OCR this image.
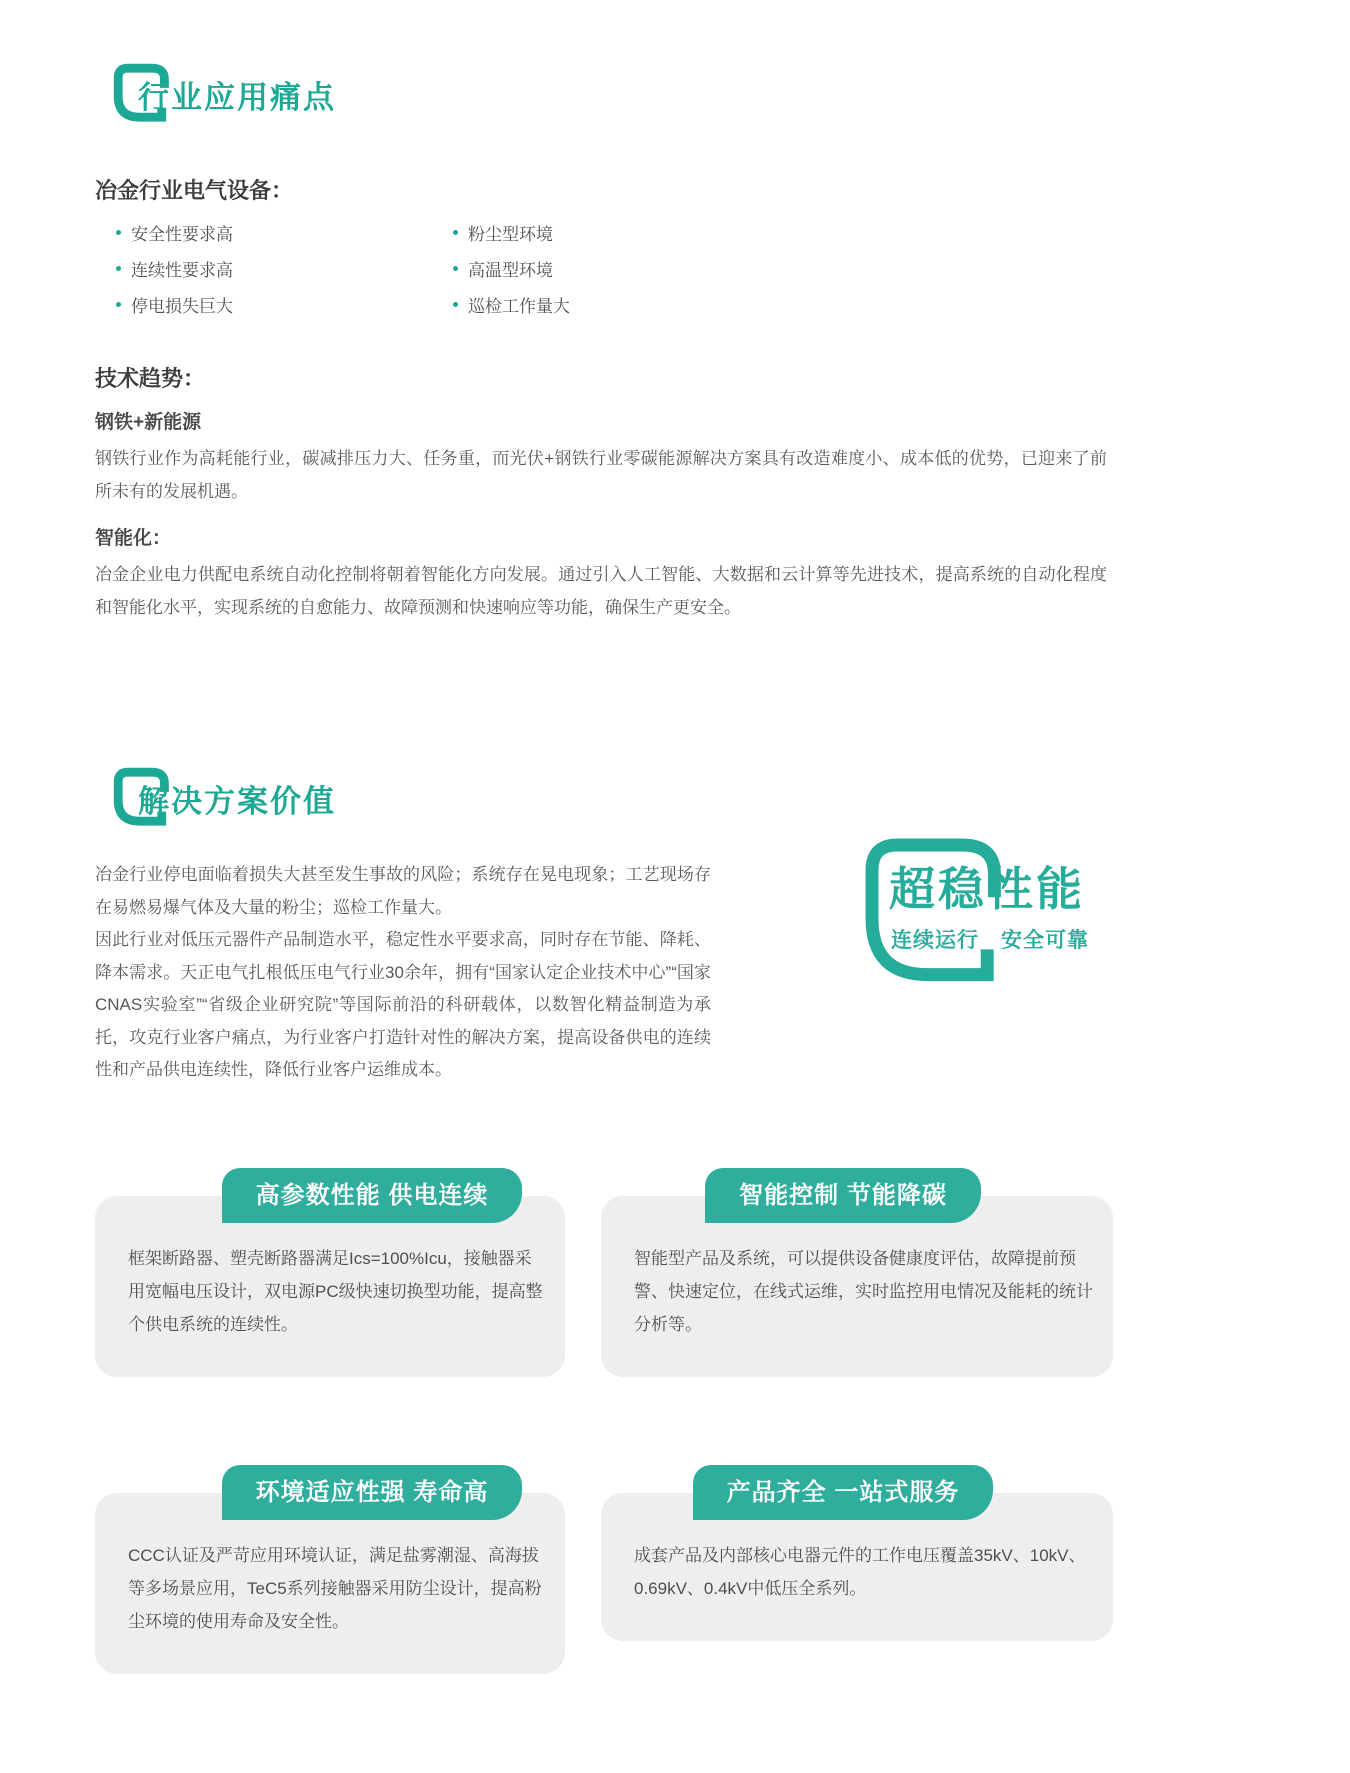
行业应用痛点
冶金行业电气设备：
安全性要求高
连续性要求高
停电损失巨大
粉尘型环境
高温型环境
巡检工作量大
技术趋势：
钢铁+新能源

钢铁行业作为高耗能行业，碳减排压力大、任务重，而光伏+钢铁行业零碳能源解决方案具有改造难度小、成本低的优势，已迎来了前所未有的发展机遇。

智能化：

冶金企业电力供配电系统自动化控制将朝着智能化方向发展。通过引入人工智能、大数据和云计算等先进技术，提高系统的自动化程度和智能化水平，实现系统的自愈能力、故障预测和快速响应等功能，确保生产更安全。

解决方案价值

冶金行业停电面临着损失大甚至发生事故的风险；系统存在晃电现象；工艺现场存在易燃易爆气体及大量的粉尘；巡检工作量大。

因此行业对低压元器件产品制造水平，稳定性水平要求高，同时存在节能、降耗、降本需求。天正电气扎根低压电气行业30余年，拥有“国家认定企业技术中心”“国家CNAS实验室”“省级企业研究院”等国际前沿的科研载体，以数智化精益制造为承托，攻克行业客户痛点，为行业客户打造针对性的解决方案，提高设备供电的连续性和产品供电连续性，降低行业客户运维成本。

超稳性能

连续运行　安全可靠

高参数性能 供电连续
框架断路器、塑壳断路器满足Ics=100%Icu，接触器采用宽幅电压设计，双电源PC级快速切换型功能，提高整个供电系统的连续性。
智能控制 节能降碳
智能型产品及系统，可以提供设备健康度评估，故障提前预警、快速定位，在线式运维，实时监控用电情况及能耗的统计分析等。
环境适应性强 寿命高
CCC认证及严苛应用环境认证，满足盐雾潮湿、高海拔等多场景应用，TeC5系列接触器采用防尘设计，提高粉尘环境的使用寿命及安全性。
产品齐全 一站式服务
成套产品及内部核心电器元件的工作电压覆盖35kV、10kV、0.69kV、0.4kV中低压全系列。
